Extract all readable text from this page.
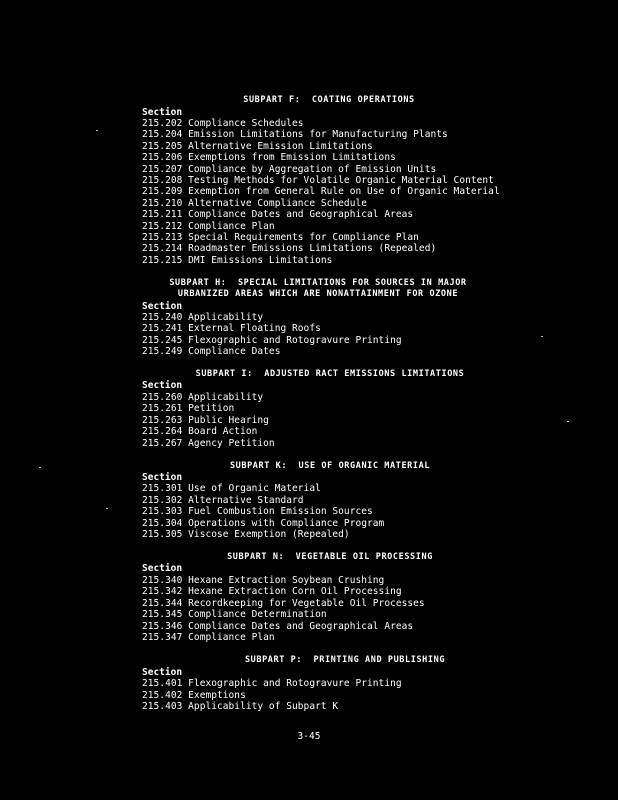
SUBPART F:  COATING OPERATIONS
Section
215.202 Compliance Schedules
215.204 Emission Limitations for Manufacturing Plants
215.205 Alternative Emission Limitations
215.206 Exemptions from Emission Limitations
215.207 Compliance by Aggregation of Emission Units
215.208 Testing Methods for Volatile Organic Material Content
215.209 Exemption from General Rule on Use of Organic Material
215.210 Alternative Compliance Schedule
215.211 Compliance Dates and Geographical Areas
215.212 Compliance Plan
215.213 Special Requirements for Compliance Plan
215.214 Roadmaster Emissions Limitations (Repealed)
215.215 DMI Emissions Limitations
SUBPART H:  SPECIAL LIMITATIONS FOR SOURCES IN MAJOR
URBANIZED AREAS WHICH ARE NONATTAINMENT FOR OZONE
Section
215.240 Applicability
215.241 External Floating Roofs
215.245 Flexographic and Rotogravure Printing
215.249 Compliance Dates
SUBPART I:  ADJUSTED RACT EMISSIONS LIMITATIONS
Section
215.260 Applicability
215.261 Petition
215.263 Public Hearing
215.264 Board Action
215.267 Agency Petition
SUBPART K:  USE OF ORGANIC MATERIAL
Section
215.301 Use of Organic Material
215.302 Alternative Standard
215.303 Fuel Combustion Emission Sources
215.304 Operations with Compliance Program
215.305 Viscose Exemption (Repealed)
SUBPART N:  VEGETABLE OIL PROCESSING
Section
215.340 Hexane Extraction Soybean Crushing
215.342 Hexane Extraction Corn Oil Processing
215.344 Recordkeeping for Vegetable Oil Processes
215.345 Compliance Determination
215.346 Compliance Dates and Geographical Areas
215.347 Compliance Plan
SUBPART P:  PRINTING AND PUBLISHING
Section
215.401 Flexographic and Rotogravure Printing
215.402 Exemptions
215.403 Applicability of Subpart K
3-45
